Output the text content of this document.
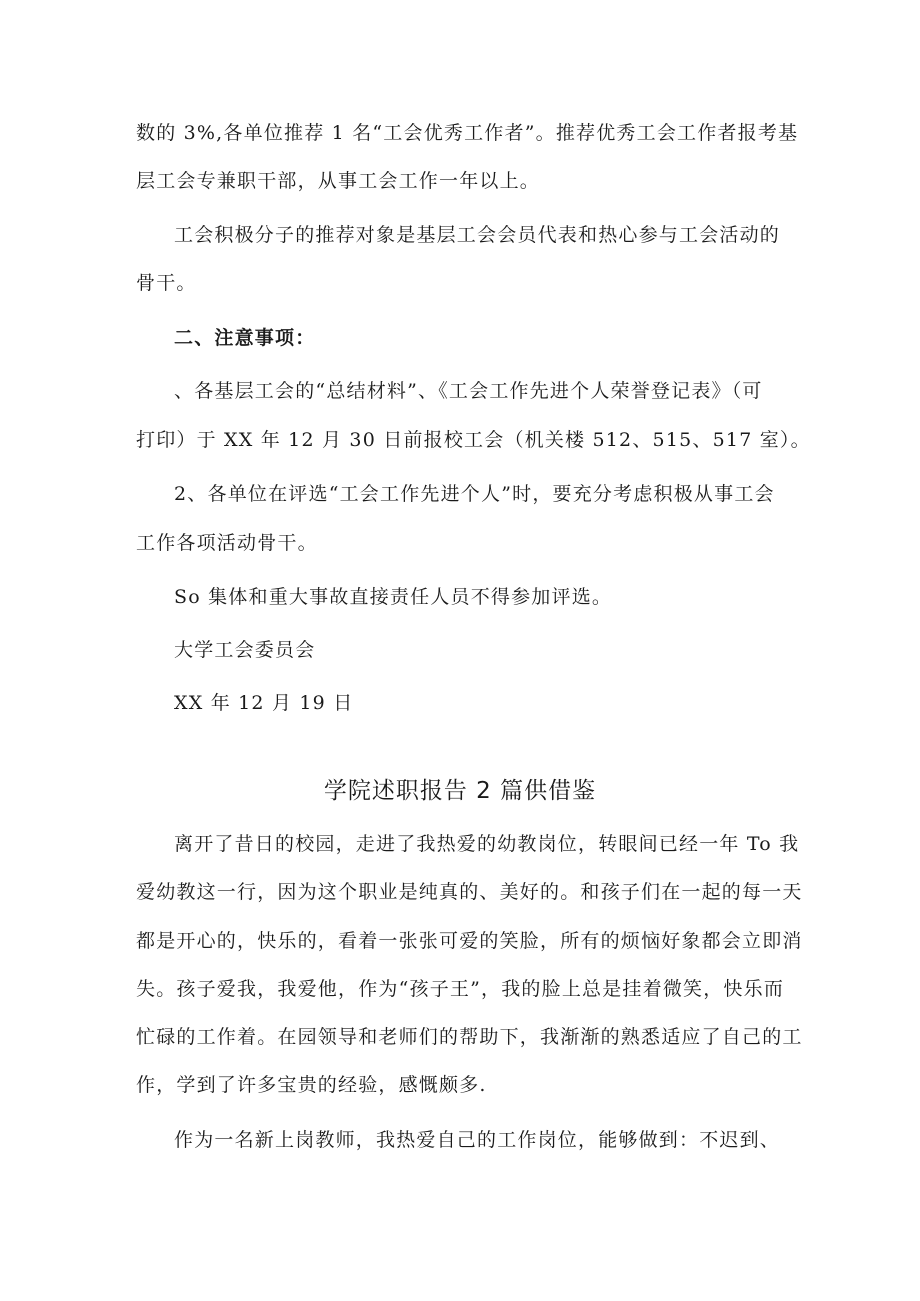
数的 3%,各单位推荐 1 名“工会优秀工作者”。推荐优秀工会工作者报考基
层工会专兼职干部，从事工会工作一年以上。
工会积极分子的推荐对象是基层工会会员代表和热心参与工会活动的
骨干。
二、注意事项：
、各基层工会的“总结材料”、《工会工作先进个人荣誉登记表》（可
打印）于 XX 年 12 月 30 日前报校工会（机关楼 512、515、517 室）。
2、各单位在评选“工会工作先进个人”时，要充分考虑积极从事工会
工作各项活动骨干。
So 集体和重大事故直接责任人员不得参加评选。
大学工会委员会
XX 年 12 月 19 日
学院述职报告 2 篇供借鉴
离开了昔日的校园，走进了我热爱的幼教岗位，转眼间已经一年 To 我
爱幼教这一行，因为这个职业是纯真的、美好的。和孩子们在一起的每一天
都是开心的，快乐的，看着一张张可爱的笑脸，所有的烦恼好象都会立即消
失。孩子爱我，我爱他，作为“孩子王”，我的脸上总是挂着微笑，快乐而
忙碌的工作着。在园领导和老师们的帮助下，我渐渐的熟悉适应了自己的工
作，学到了许多宝贵的经验，感慨颇多.
作为一名新上岗教师，我热爱自己的工作岗位，能够做到：不迟到、
